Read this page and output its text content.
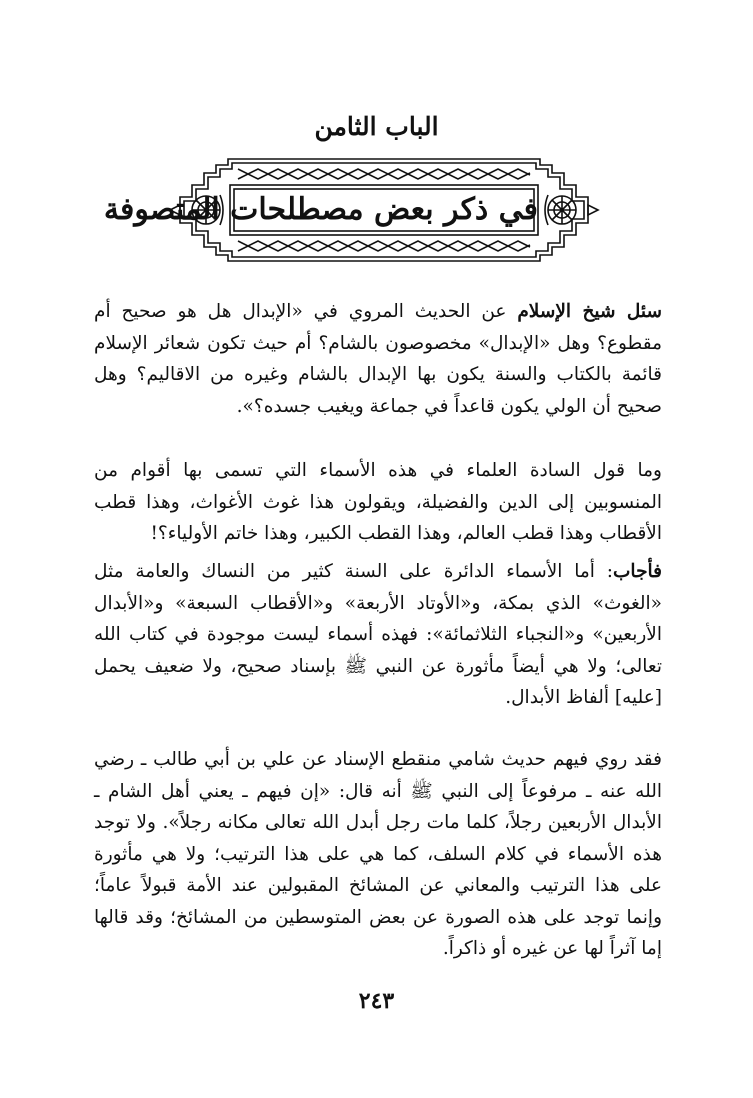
الباب الثامن
في ذكر بعض مصطلحات المتصوفة

سئل شيخ الإسلام عن الحديث المروي في «الإبدال هل هو صحيح أم مقطوع؟ وهل «الإبدال» مخصوصون بالشام؟ أم حيث تكون شعائر الإسلام قائمة بالكتاب والسنة يكون بها الإبدال بالشام وغيره من الاقاليم؟ وهل صحيح أن الولي يكون قاعداً في جماعة ويغيب جسده؟».

وما قول السادة العلماء في هذه الأسماء التي تسمى بها أقوام من المنسوبين إلى الدين والفضيلة، ويقولون هذا غوث الأغواث، وهذا قطب الأقطاب وهذا قطب العالم، وهذا القطب الكبير، وهذا خاتم الأولياء؟!

فأجاب: أما الأسماء الدائرة على السنة كثير من النساك والعامة مثل «الغوث» الذي بمكة، و«الأوتاد الأربعة» و«الأقطاب السبعة» و«الأبدال الأربعين» و«النجباء الثلاثمائة»: فهذه أسماء ليست موجودة في كتاب الله تعالى؛ ولا هي أيضاً مأثورة عن النبي ﷺ بإسناد صحيح، ولا ضعيف يحمل [عليه] ألفاظ الأبدال.

فقد روي فيهم حديث شامي منقطع الإسناد عن علي بن أبي طالب ـ رضي الله عنه ـ مرفوعاً إلى النبي ﷺ أنه قال: «إن فيهم ـ يعني أهل الشام ـ الأبدال الأربعين رجلاً، كلما مات رجل أبدل الله تعالى مكانه رجلاً». ولا توجد هذه الأسماء في كلام السلف، كما هي على هذا الترتيب؛ ولا هي مأثورة على هذا الترتيب والمعاني عن المشائخ المقبولين عند الأمة قبولاً عاماً؛ وإنما توجد على هذه الصورة عن بعض المتوسطين من المشائخ؛ وقد قالها إما آثراً لها عن غيره أو ذاكراً.

٢٤٣
